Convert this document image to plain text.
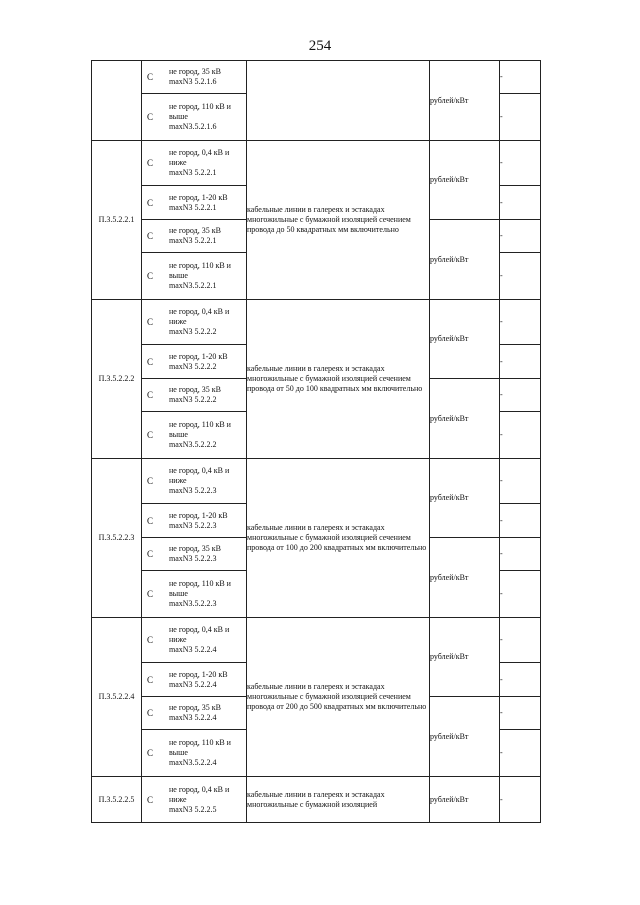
254

	С
не город, 35 кВ
maxN3 5.2.1.6		рублей/кВт	-

	С
не город, 110 кВ и
выше
maxN3.5.2.1.6			-
П.3.5.2.2.1	С
не город, 0,4 кВ и
ниже
maxN3 5.2.2.1	кабельные линии в галереях и эстакадах многожильные с бумажной изоляцией сечением провода до 50 квадратных мм включительно	рублей/кВт	-

	С
не город, 1-20 кВ
maxN3 5.2.2.1			-

	С
не город, 35 кВ
maxN3 5.2.2.1		рублей/кВт	-

	С
не город, 110 кВ и
выше
maxN3.5.2.2.1			-
П.3.5.2.2.2	С
не город, 0,4 кВ и
ниже
maxN3 5.2.2.2	кабельные линии в галереях и эстакадах многожильные с бумажной изоляцией сечением провода от 50 до 100 квадратных мм включительно	рублей/кВт	-

	С
не город, 1-20 кВ
maxN3 5.2.2.2			-

	С
не город, 35 кВ
maxN3 5.2.2.2		рублей/кВт	-

	С
не город, 110 кВ и
выше
maxN3.5.2.2.2			-
П.3.5.2.2.3	С
не город, 0,4 кВ и
ниже
maxN3 5.2.2.3	кабельные линии в галереях и эстакадах многожильные с бумажной изоляцией сечением провода от 100 до 200 квадратных мм включительно	рублей/кВт	-

	С
не город, 1-20 кВ
maxN3 5.2.2.3			-

	С
не город, 35 кВ
maxN3 5.2.2.3		рублей/кВт	-

	С
не город, 110 кВ и
выше
maxN3.5.2.2.3			-
П.3.5.2.2.4	С
не город, 0,4 кВ и
ниже
maxN3 5.2.2.4	кабельные линии в галереях и эстакадах многожильные с бумажной изоляцией сечением провода от 200 до 500 квадратных мм включительно	рублей/кВт	-

	С
не город, 1-20 кВ
maxN3 5.2.2.4			-

	С
не город, 35 кВ
maxN3 5.2.2.4		рублей/кВт	-

	С
не город, 110 кВ и
выше
maxN3.5.2.2.4			-
П.3.5.2.2.5	С
не город, 0,4 кВ и
ниже
maxN3 5.2.2.5	кабельные линии в галереях и эстакадах многожильные с бумажной изоляцией	рублей/кВт	-
